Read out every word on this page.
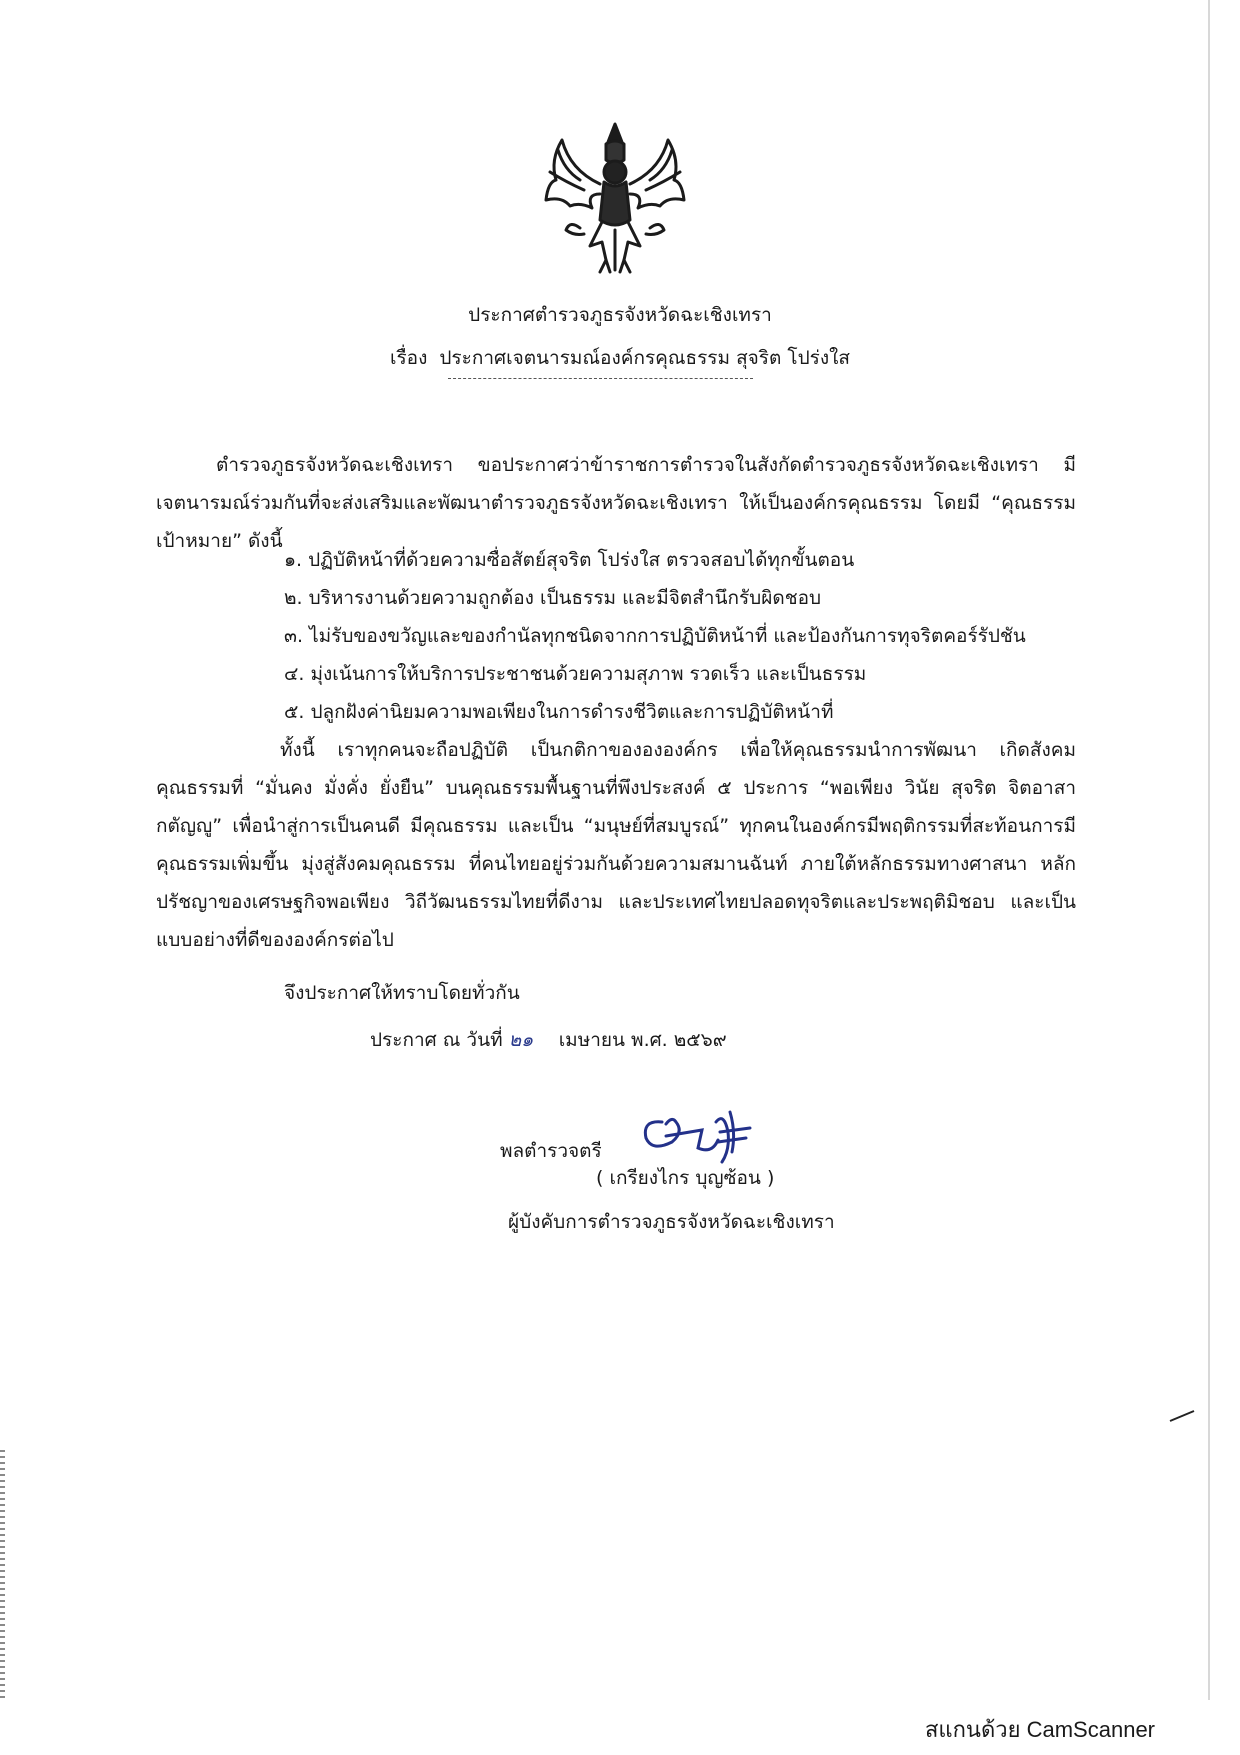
ประกาศตำรวจภูธรจังหวัดฉะเชิงเทรา
เรื่อง ประกาศเจตนารมณ์องค์กรคุณธรรม สุจริต โปร่งใส
ตำรวจภูธรจังหวัดฉะเชิงเทรา ขอประกาศว่าข้าราชการตำรวจในสังกัดตำรวจภูธรจังหวัดฉะเชิงเทรา มีเจตนารมณ์ร่วมกันที่จะส่งเสริมและพัฒนาตำรวจภูธรจังหวัดฉะเชิงเทรา ให้เป็นองค์กรคุณธรรม โดยมี “คุณธรรมเป้าหมาย” ดังนี้
๑. ปฏิบัติหน้าที่ด้วยความซื่อสัตย์สุจริต โปร่งใส ตรวจสอบได้ทุกขั้นตอน
๒. บริหารงานด้วยความถูกต้อง เป็นธรรม และมีจิตสำนึกรับผิดชอบ
๓. ไม่รับของขวัญและของกำนัลทุกชนิดจากการปฏิบัติหน้าที่ และป้องกันการทุจริตคอร์รัปชัน
๔. มุ่งเน้นการให้บริการประชาชนด้วยความสุภาพ รวดเร็ว และเป็นธรรม
๕. ปลูกฝังค่านิยมความพอเพียงในการดำรงชีวิตและการปฏิบัติหน้าที่
ทั้งนี้ เราทุกคนจะถือปฏิบัติ เป็นกติกาของององค์กร เพื่อให้คุณธรรมนำการพัฒนา เกิดสังคมคุณธรรมที่ “มั่นคง มั่งคั่ง ยั่งยืน” บนคุณธรรมพื้นฐานที่พึงประสงค์ ๕ ประการ “พอเพียง วินัย สุจริต จิตอาสา กตัญญู” เพื่อนำสู่การเป็นคนดี มีคุณธรรม และเป็น “มนุษย์ที่สมบูรณ์” ทุกคนในองค์กรมีพฤติกรรมที่สะท้อนการมีคุณธรรมเพิ่มขึ้น มุ่งสู่สังคมคุณธรรม ที่คนไทยอยู่ร่วมกันด้วยความสมานฉันท์ ภายใต้หลักธรรมทางศาสนา หลักปรัชญาของเศรษฐกิจพอเพียง วิถีวัฒนธรรมไทยที่ดีงาม และประเทศไทยปลอดทุจริตและประพฤติมิชอบ และเป็นแบบอย่างที่ดีขององค์กรต่อไป
จึงประกาศให้ทราบโดยทั่วกัน
ประกาศ ณ วันที่ ๒๑ เมษายน พ.ศ. ๒๕๖๙
พลตำรวจตรี
( เกรียงไกร บุญซ้อน )
ผู้บังคับการตำรวจภูธรจังหวัดฉะเชิงเทรา
สแกนด้วย CamScanner
